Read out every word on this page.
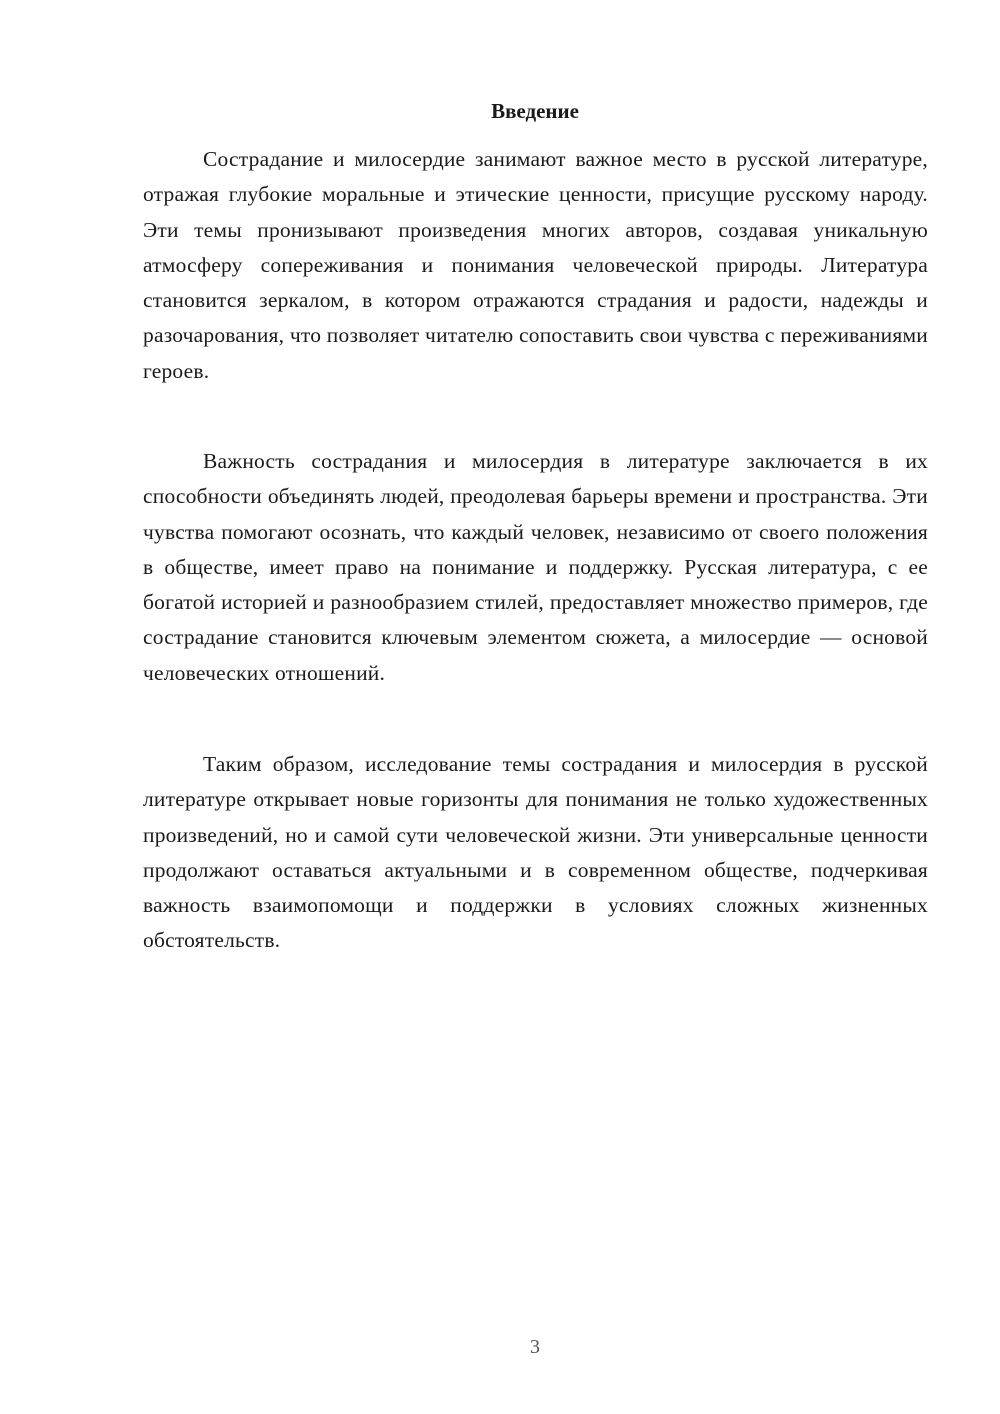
Введение

Сострадание и милосердие занимают важное место в русской литературе, отражая глубокие моральные и этические ценности, присущие русскому народу. Эти темы пронизывают произведения многих авторов, создавая уникальную атмосферу сопереживания и понимания человеческой природы. Литература становится зеркалом, в котором отражаются страдания и радости, надежды и разочарования, что позволяет читателю сопоставить свои чувства с переживаниями героев.

Важность сострадания и милосердия в литературе заключается в их способности объединять людей, преодолевая барьеры времени и пространства. Эти чувства помогают осознать, что каждый человек, независимо от своего положения в обществе, имеет право на понимание и поддержку. Русская литература, с ее богатой историей и разнообразием стилей, предоставляет множество примеров, где сострадание становится ключевым элементом сюжета, а милосердие — основой человеческих отношений.

Таким образом, исследование темы сострадания и милосердия в русской литературе открывает новые горизонты для понимания не только художественных произведений, но и самой сути человеческой жизни. Эти универсальные ценности продолжают оставаться актуальными и в современном обществе, подчеркивая важность взаимопомощи и поддержки в условиях сложных жизненных обстоятельств.

3
